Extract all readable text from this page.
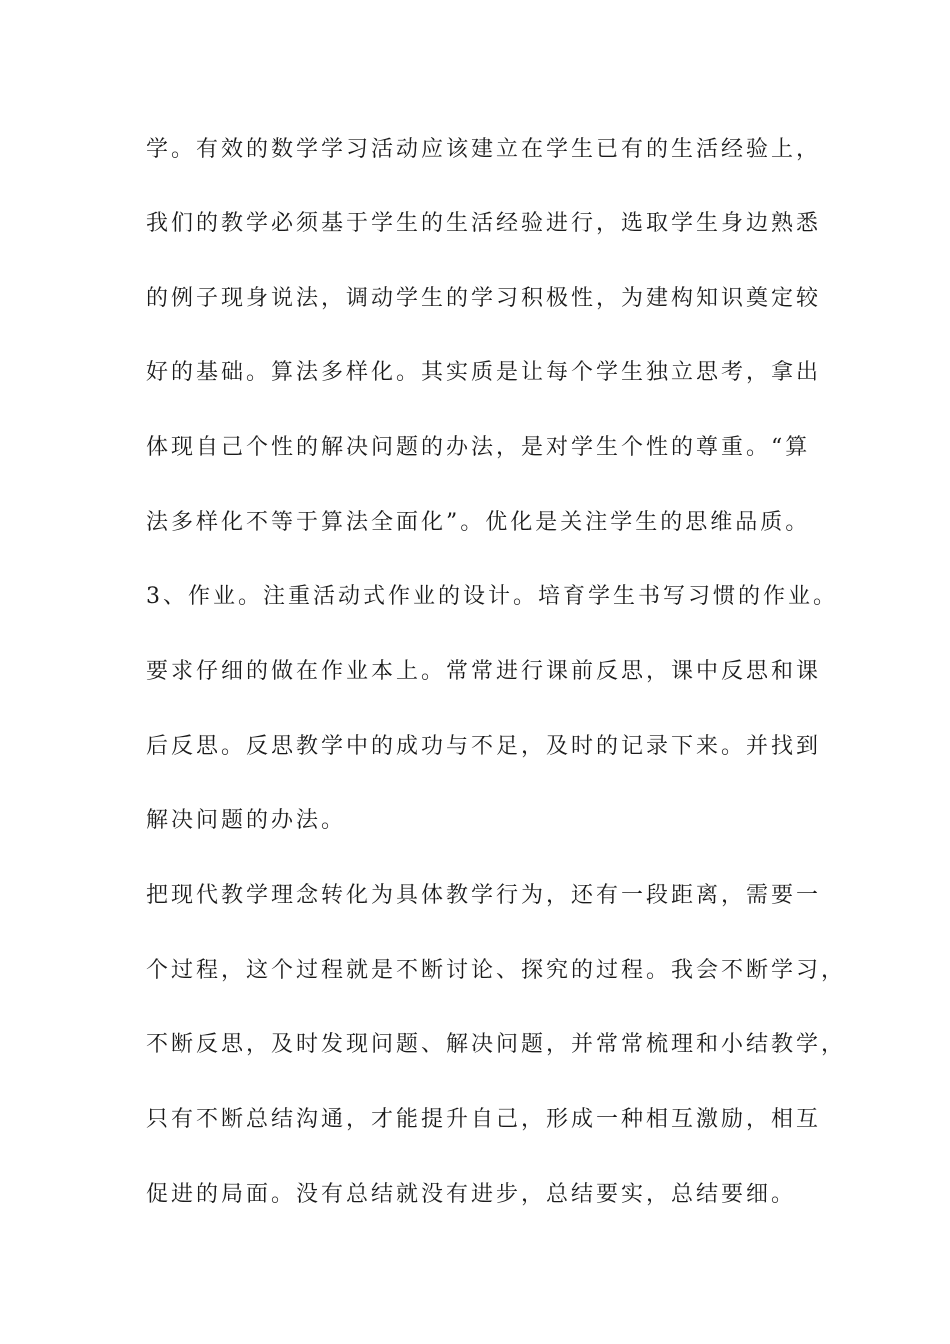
学。有效的数学学习活动应该建立在学生已有的生活经验上，
我们的教学必须基于学生的生活经验进行，选取学生身边熟悉
的例子现身说法，调动学生的学习积极性，为建构知识奠定较
好的基础。算法多样化。其实质是让每个学生独立思考，拿出
体现自己个性的解决问题的办法，是对学生个性的尊重。“算
法多样化不等于算法全面化”。优化是关注学生的思维品质。
3、作业。注重活动式作业的设计。培育学生书写习惯的作业。
要求仔细的做在作业本上。常常进行课前反思，课中反思和课
后反思。反思教学中的成功与不足，及时的记录下来。并找到
解决问题的办法。
把现代教学理念转化为具体教学行为，还有一段距离，需要一
个过程，这个过程就是不断讨论、探究的过程。我会不断学习，
不断反思，及时发现问题、解决问题，并常常梳理和小结教学，
只有不断总结沟通，才能提升自己，形成一种相互激励，相互
促进的局面。没有总结就没有进步，总结要实，总结要细。
